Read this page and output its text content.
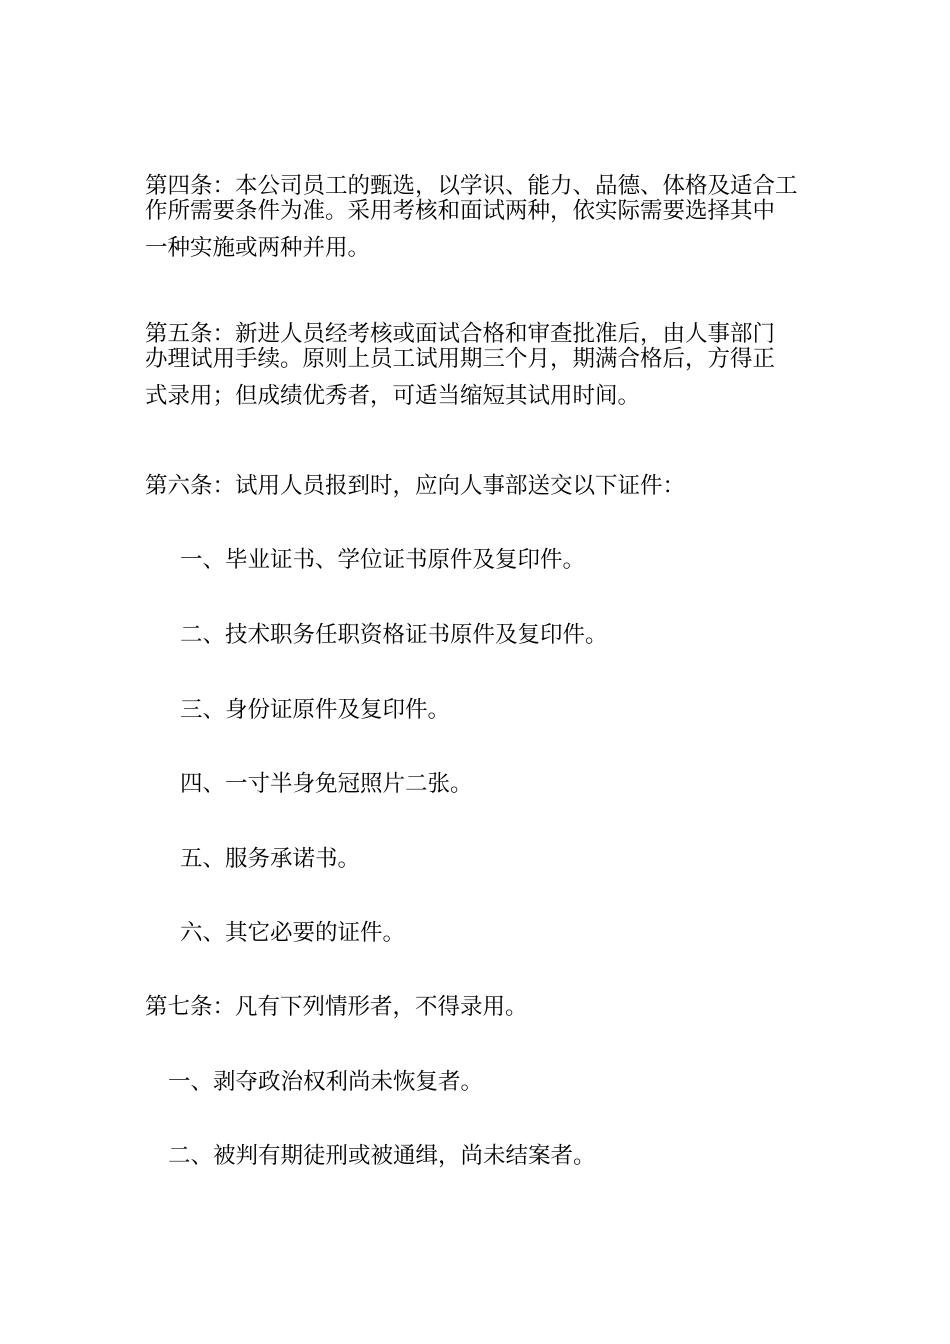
第四条：本公司员工的甄选，以学识、能力、品德、体格及适合工
作所需要条件为准。采用考核和面试两种，依实际需要选择其中
一种实施或两种并用。
第五条：新进人员经考核或面试合格和审查批准后，由人事部门
办理试用手续。原则上员工试用期三个月，期满合格后，方得正
式录用；但成绩优秀者，可适当缩短其试用时间。

第六条：试用人员报到时，应向人事部送交以下证件：

一、毕业证书、学位证书原件及复印件。

二、技术职务任职资格证书原件及复印件。

三、身份证原件及复印件。

四、一寸半身免冠照片二张。

五、服务承诺书。

六、其它必要的证件。

第七条：凡有下列情形者，不得录用。

一、剥夺政治权利尚未恢复者。

二、被判有期徒刑或被通缉，尚未结案者。
